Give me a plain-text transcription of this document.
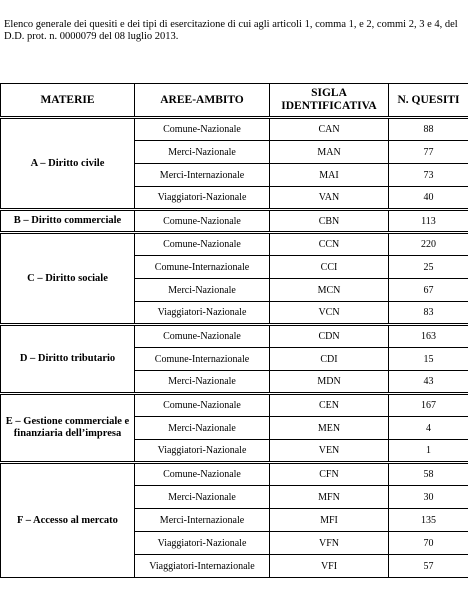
Elenco generale dei quesiti e dei tipi di esercitazione di cui agli articoli 1, comma 1, e 2, commi 2, 3 e 4, del D.D. prot. n. 0000079 del 08 luglio 2013.

MATERIE	AREE-AMBITO	SIGLA IDENTIFICATIVA	N. QUESITI
A – Diritto civile	Comune-Nazionale	CAN	88
	Merci-Nazionale	MAN	77
	Merci-Internazionale	MAI	73
	Viaggiatori-Nazionale	VAN	40
B – Diritto commerciale	Comune-Nazionale	CBN	113
C – Diritto sociale	Comune-Nazionale	CCN	220
	Comune-Internazionale	CCI	25
	Merci-Nazionale	MCN	67
	Viaggiatori-Nazionale	VCN	83
D – Diritto tributario	Comune-Nazionale	CDN	163
	Comune-Internazionale	CDI	15
	Merci-Nazionale	MDN	43
E – Gestione commerciale e finanziaria dell’impresa	Comune-Nazionale	CEN	167
	Merci-Nazionale	MEN	4
	Viaggiatori-Nazionale	VEN	1
F – Accesso al mercato	Comune-Nazionale	CFN	58
	Merci-Nazionale	MFN	30
	Merci-Internazionale	MFI	135
	Viaggiatori-Nazionale	VFN	70
	Viaggiatori-Internazionale	VFI	57
